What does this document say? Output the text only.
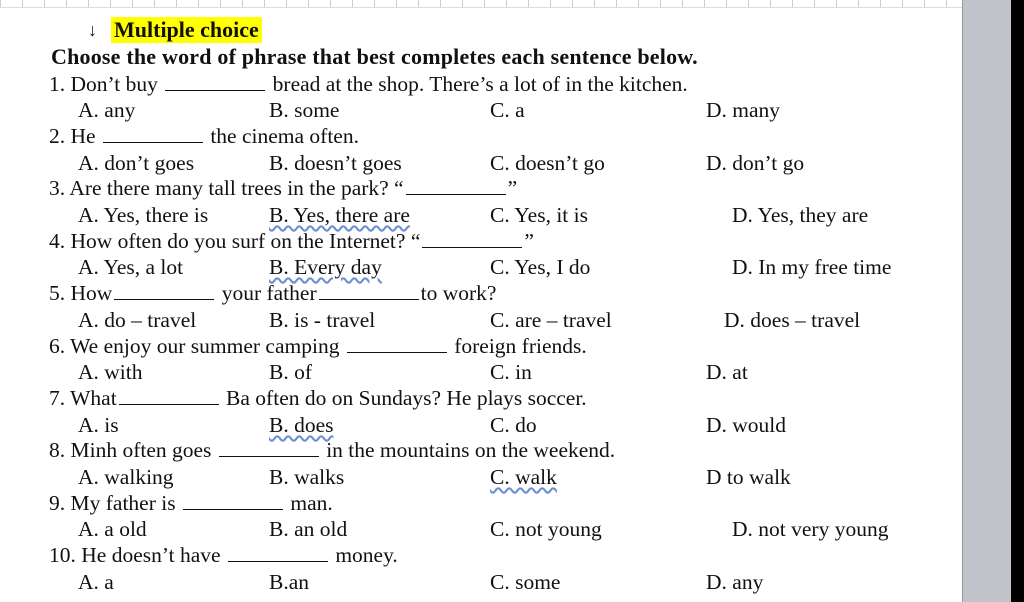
↓ Multiple choice
Choose the word of phrase that best completes each sentence below.
1. Don’t buy	bread at the shop. There’s a lot of in the kitchen.
A. any	B. some	C. a	D. many
2. He	the cinema often.
A. don’t goes	B. doesn’t goes	C. doesn’t go	D. don’t go
3. Are there many tall trees in the park? “	”
A. Yes, there is	B. Yes, there are	C. Yes, it is	D. Yes, they are
4. How often do you surf on the Internet? “	”
A. Yes, a lot	B. Every day	C. Yes, I do	D. In my free time
5. How	your father	to work?
A. do – travel	B. is - travel	C. are – travel	D. does – travel
6. We enjoy our summer camping	foreign friends.
A. with	B. of	C. in	D. at
7. What	Ba often do on Sundays? He plays soccer.
A. is	B. does	C. do	D. would
8. Minh often goes	in the mountains on the weekend.
A. walking	B. walks	C. walk	D to walk
9. My father is	man.
A. a old	B. an old	C. not young	D. not very young
10. He doesn’t have	money.
A. a	B.an	C. some	D. any
